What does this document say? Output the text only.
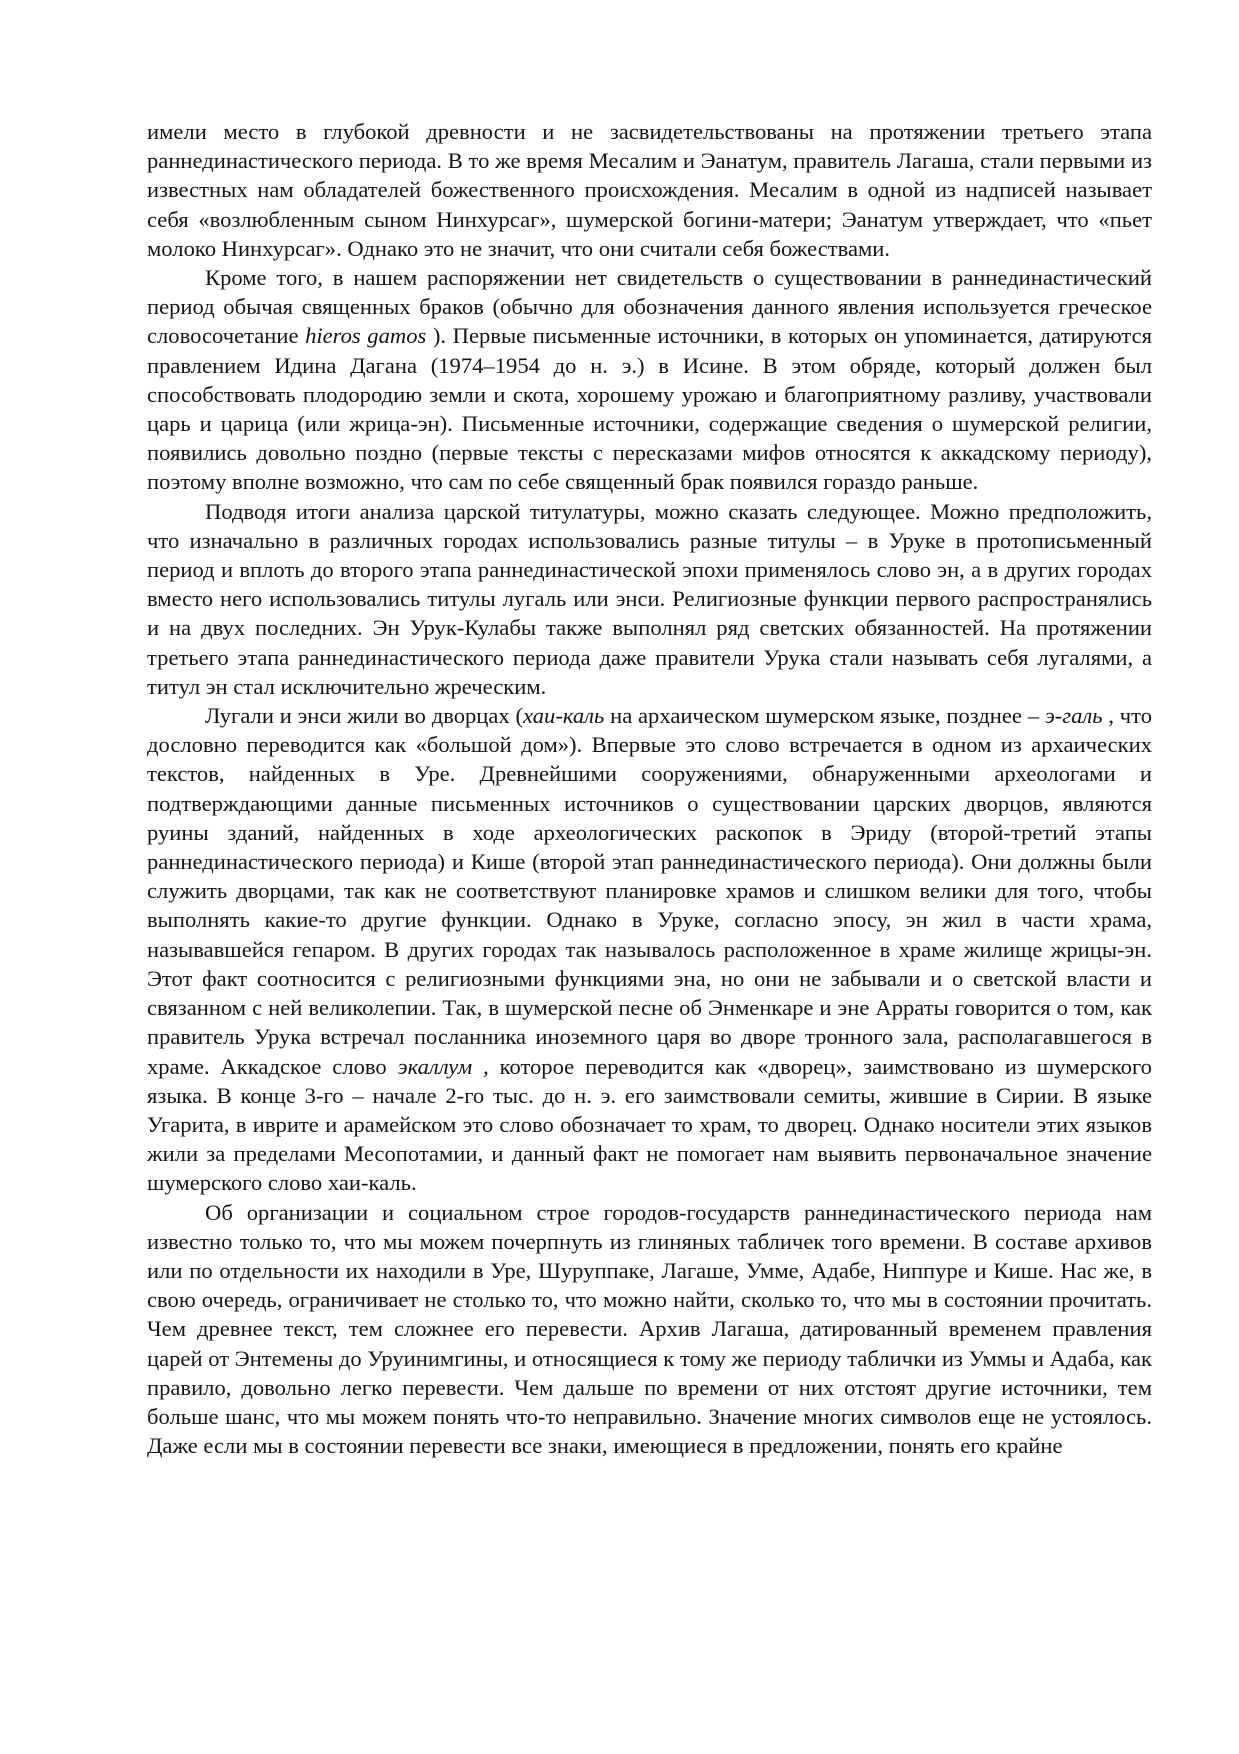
имели место в глубокой древности и не засвидетельствованы на протяжении третьего этапа раннединастического периода. В то же время Месалим и Эанатум, правитель Лагаша, стали первыми из известных нам обладателей божественного происхождения. Месалим в одной из надписей называет себя «возлюбленным сыном Нинхурсаг», шумерской богини-матери; Эанатум утверждает, что «пьет молоко Нинхурсаг». Однако это не значит, что они считали себя божествами.

Кроме того, в нашем распоряжении нет свидетельств о существовании в раннединастический период обычая священных браков (обычно для обозначения данного явления используется греческое словосочетание hieros gamos ). Первые письменные источники, в которых он упоминается, датируются правлением Идина Дагана (1974–1954 до н. э.) в Исине. В этом обряде, который должен был способствовать плодородию земли и скота, хорошему урожаю и благоприятному разливу, участвовали царь и царица (или жрица-эн). Письменные источники, содержащие сведения о шумерской религии, появились довольно поздно (первые тексты с пересказами мифов относятся к аккадскому периоду), поэтому вполне возможно, что сам по себе священный брак появился гораздо раньше.

Подводя итоги анализа царской титулатуры, можно сказать следующее. Можно предположить, что изначально в различных городах использовались разные титулы – в Уруке в протописьменный период и вплоть до второго этапа раннединастической эпохи применялось слово эн, а в других городах вместо него использовались титулы лугаль или энси. Религиозные функции первого распространялись и на двух последних. Эн Урук-Кулабы также выполнял ряд светских обязанностей. На протяжении третьего этапа раннединастического периода даже правители Урука стали называть себя лугалями, а титул эн стал исключительно жреческим.

Лугали и энси жили во дворцах (хаи-каль на архаическом шумерском языке, позднее – э-галь , что дословно переводится как «большой дом»). Впервые это слово встречается в одном из архаических текстов, найденных в Уре. Древнейшими сооружениями, обнаруженными археологами и подтверждающими данные письменных источников о существовании царских дворцов, являются руины зданий, найденных в ходе археологических раскопок в Эриду (второй-третий этапы раннединастического периода) и Кише (второй этап раннединастического периода). Они должны были служить дворцами, так как не соответствуют планировке храмов и слишком велики для того, чтобы выполнять какие-то другие функции. Однако в Уруке, согласно эпосу, эн жил в части храма, называвшейся гепаром. В других городах так называлось расположенное в храме жилище жрицы-эн. Этот факт соотносится с религиозными функциями эна, но они не забывали и о светской власти и связанном с ней великолепии. Так, в шумерской песне об Энменкаре и эне Арраты говорится о том, как правитель Урука встречал посланника иноземного царя во дворе тронного зала, располагавшегося в храме. Аккадское слово экаллум , которое переводится как «дворец», заимствовано из шумерского языка. В конце 3-го – начале 2-го тыс. до н. э. его заимствовали семиты, жившие в Сирии. В языке Угарита, в иврите и арамейском это слово обозначает то храм, то дворец. Однако носители этих языков жили за пределами Месопотамии, и данный факт не помогает нам выявить первоначальное значение шумерского слово хаи-каль.

Об организации и социальном строе городов-государств раннединастического периода нам известно только то, что мы можем почерпнуть из глиняных табличек того времени. В составе архивов или по отдельности их находили в Уре, Шуруппаке, Лагаше, Умме, Адабе, Ниппуре и Кише. Нас же, в свою очередь, ограничивает не столько то, что можно найти, сколько то, что мы в состоянии прочитать. Чем древнее текст, тем сложнее его перевести. Архив Лагаша, датированный временем правления царей от Энтемены до Уруинимгины, и относящиеся к тому же периоду таблички из Уммы и Адаба, как правило, довольно легко перевести. Чем дальше по времени от них отстоят другие источники, тем больше шанс, что мы можем понять что-то неправильно. Значение многих символов еще не устоялось. Даже если мы в состоянии перевести все знаки, имеющиеся в предложении, понять его крайне
